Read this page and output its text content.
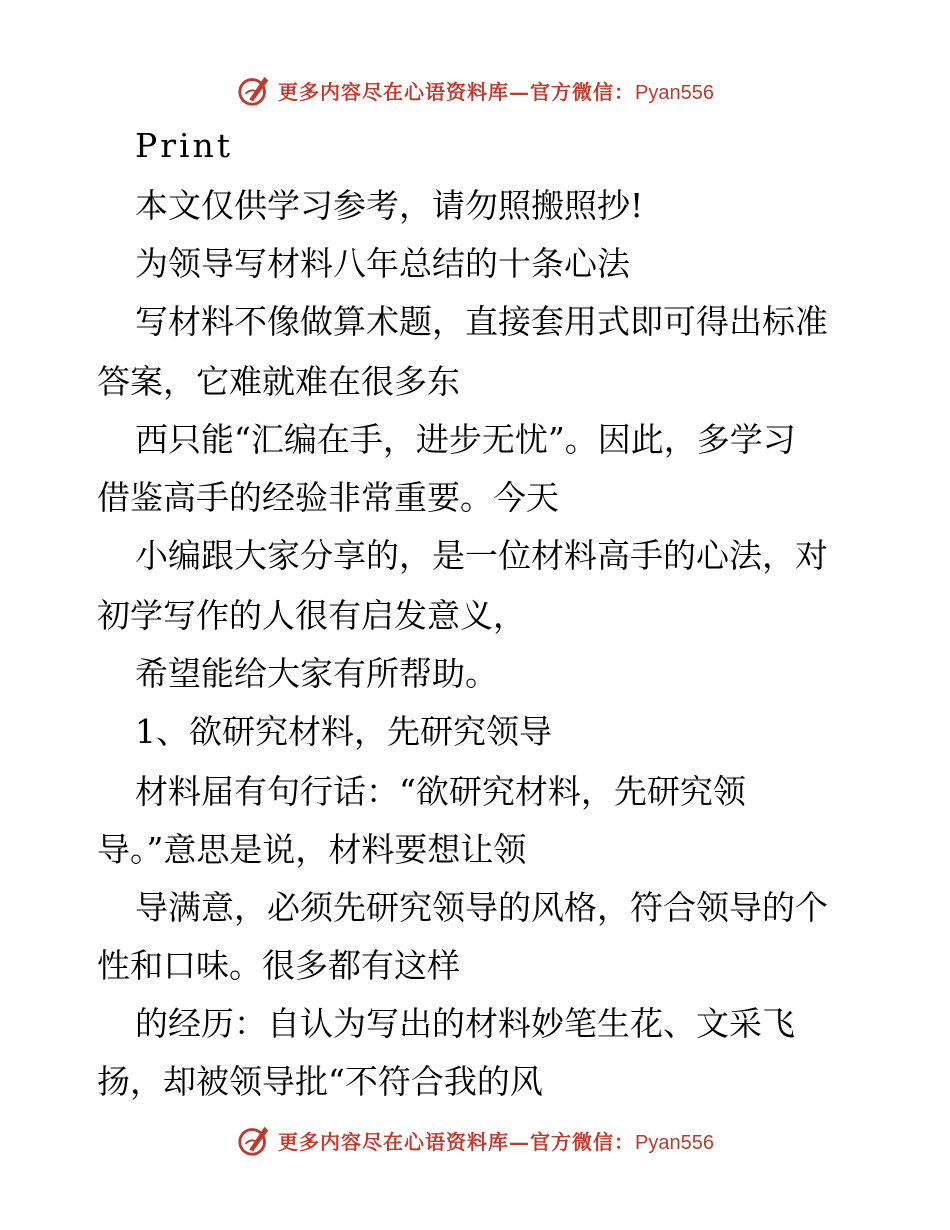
更多内容尽在心语资料库—官方微信：Pyan556
Print
本文仅供学习参考，请勿照搬照抄!
为领导写材料八年总结的十条心法
写材料不像做算术题，直接套用式即可得出标准
答案，它难就难在很多东
西只能“汇编在手，进步无忧”。因此，多学习
借鉴高手的经验非常重要。今天
小编跟大家分享的，是一位材料高手的心法，对
初学写作的人很有启发意义，
希望能给大家有所帮助。
1、欲研究材料，先研究领导
材料届有句行话：“欲研究材料，先研究领
导。”意思是说，材料要想让领
导满意，必须先研究领导的风格，符合领导的个
性和口味。很多都有这样
的经历：自认为写出的材料妙笔生花、文采飞
扬，却被领导批“不符合我的风
更多内容尽在心语资料库—官方微信：Pyan556
